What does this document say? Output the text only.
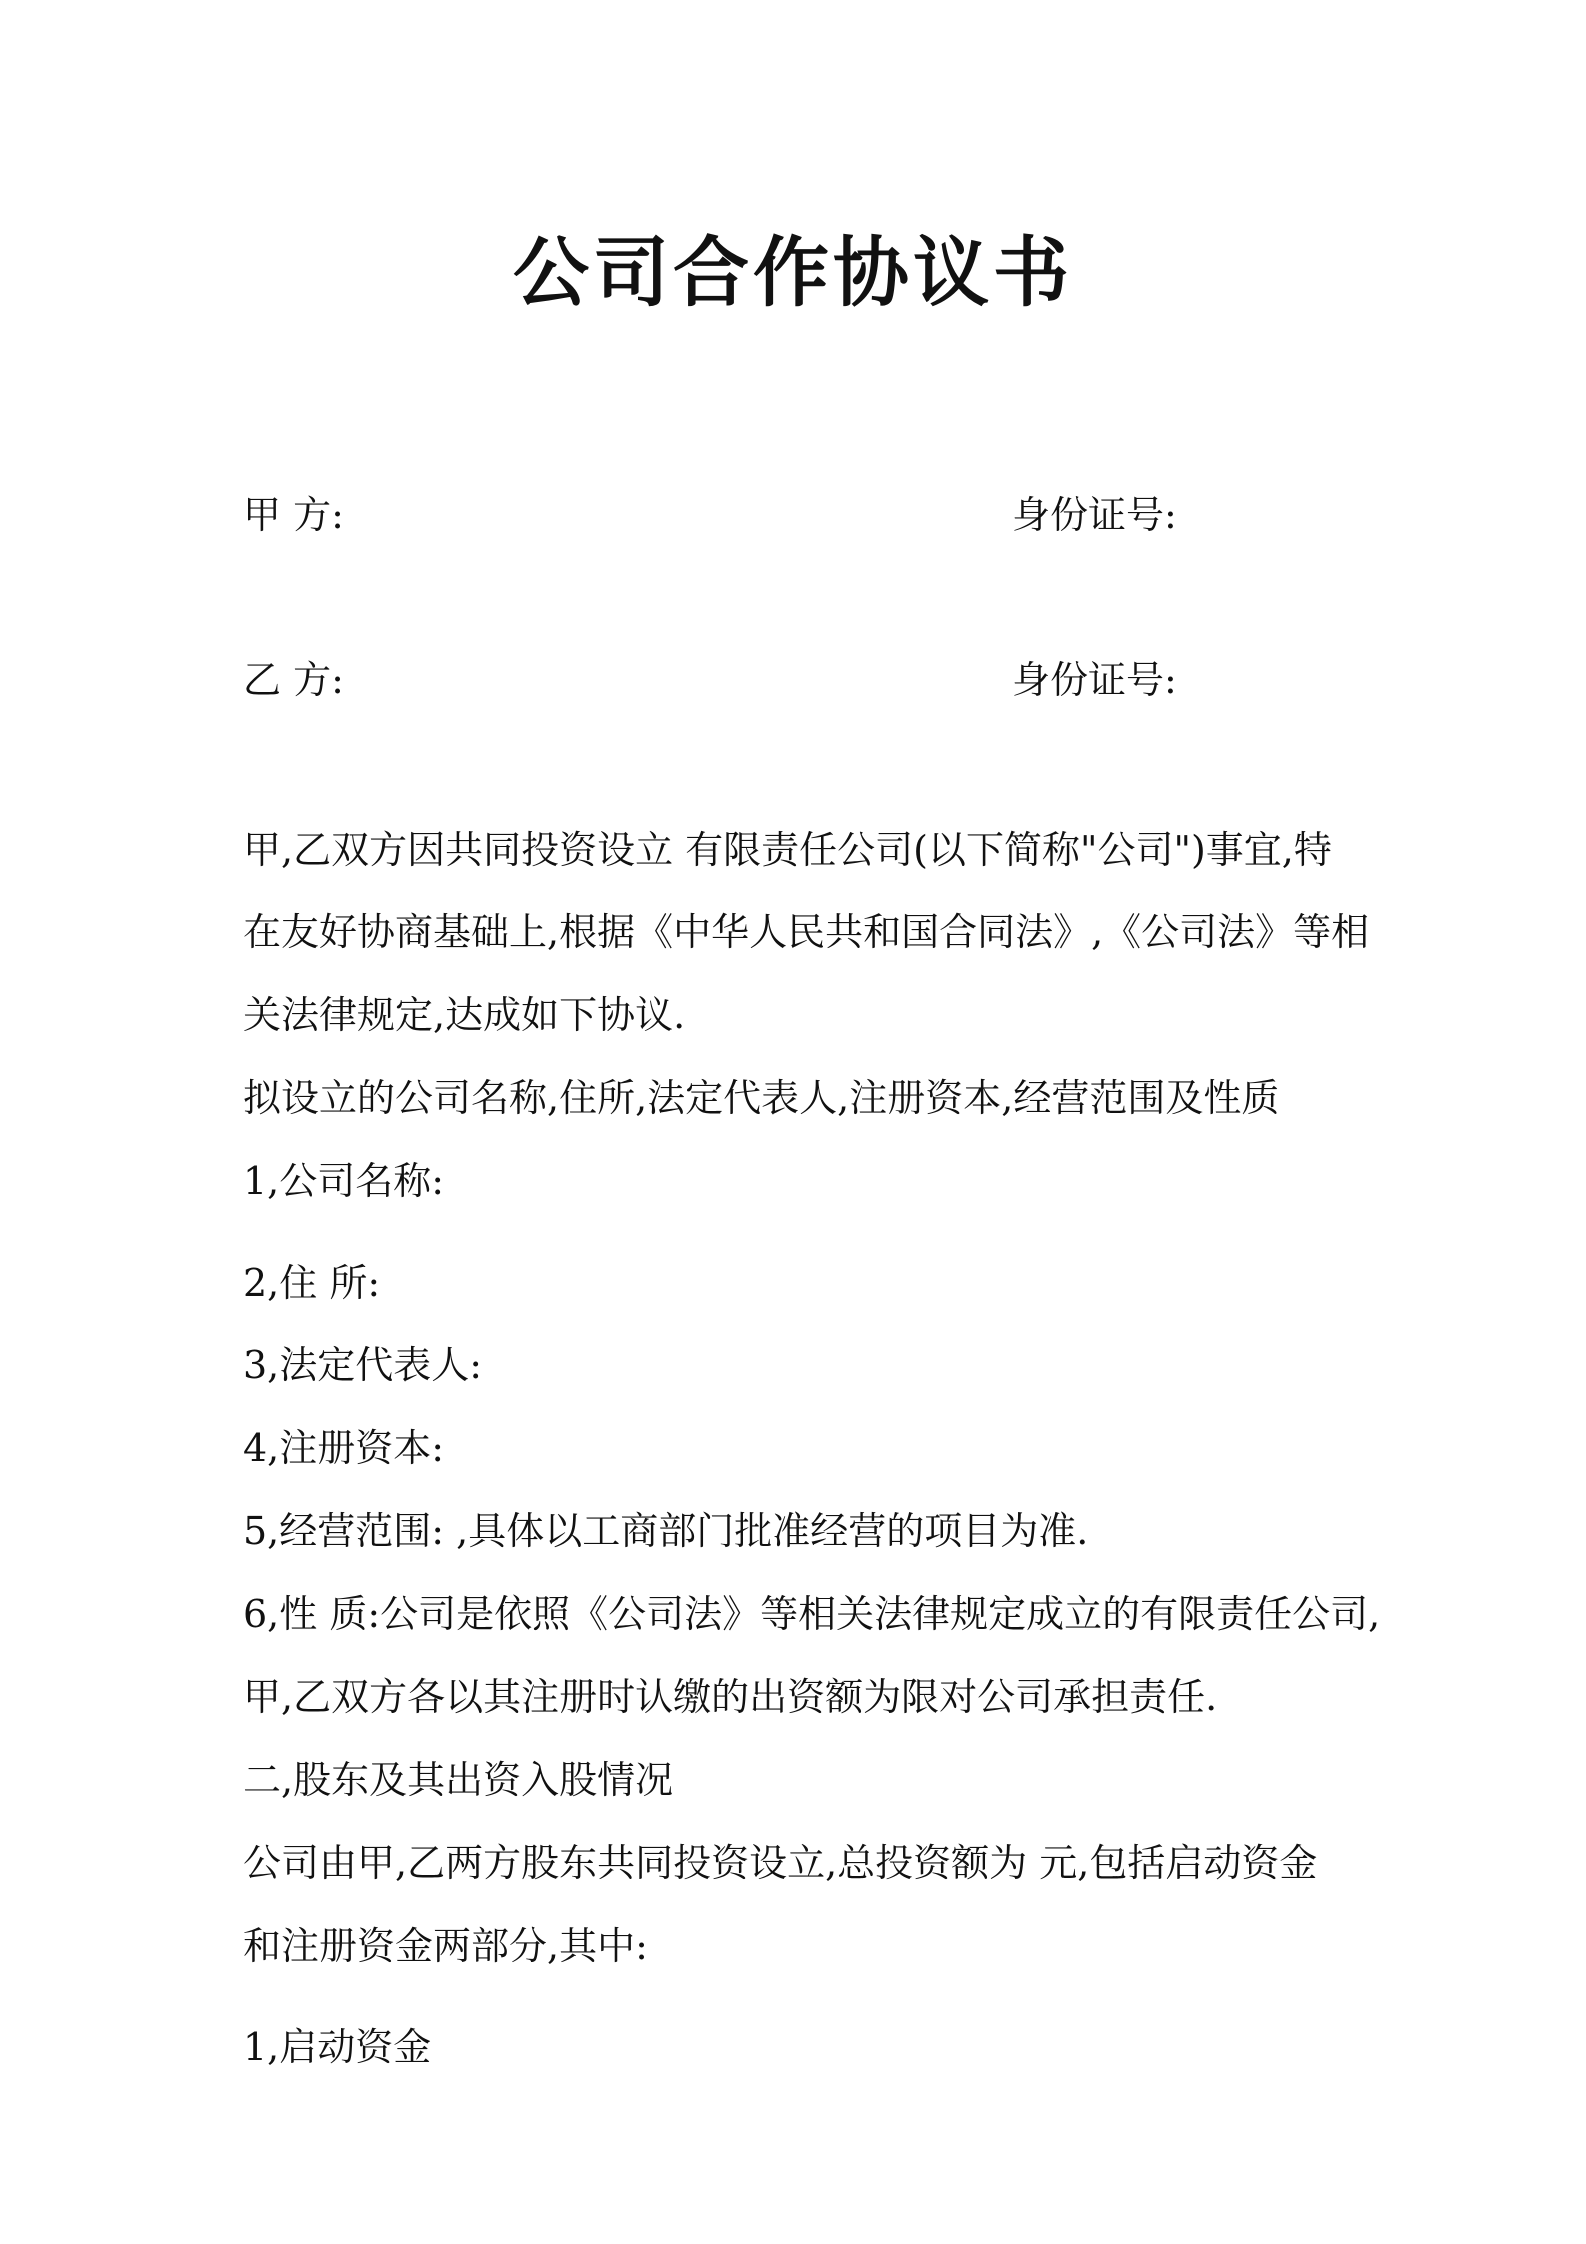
公司合作协议书
甲 方:	身份证号:
乙 方:	身份证号:
甲,乙双方因共同投资设立 有限责任公司(以下简称"公司")事宜,特
在友好协商基础上,根据《中华人民共和国合同法》,《公司法》等相
关法律规定,达成如下协议.
拟设立的公司名称,住所,法定代表人,注册资本,经营范围及性质
1,公司名称:
2,住 所:
3,法定代表人:
4,注册资本:
5,经营范围: ,具体以工商部门批准经营的项目为准.
6,性 质:公司是依照《公司法》等相关法律规定成立的有限责任公司,
甲,乙双方各以其注册时认缴的出资额为限对公司承担责任.
二,股东及其出资入股情况
公司由甲,乙两方股东共同投资设立,总投资额为 元,包括启动资金
和注册资金两部分,其中:
1,启动资金
